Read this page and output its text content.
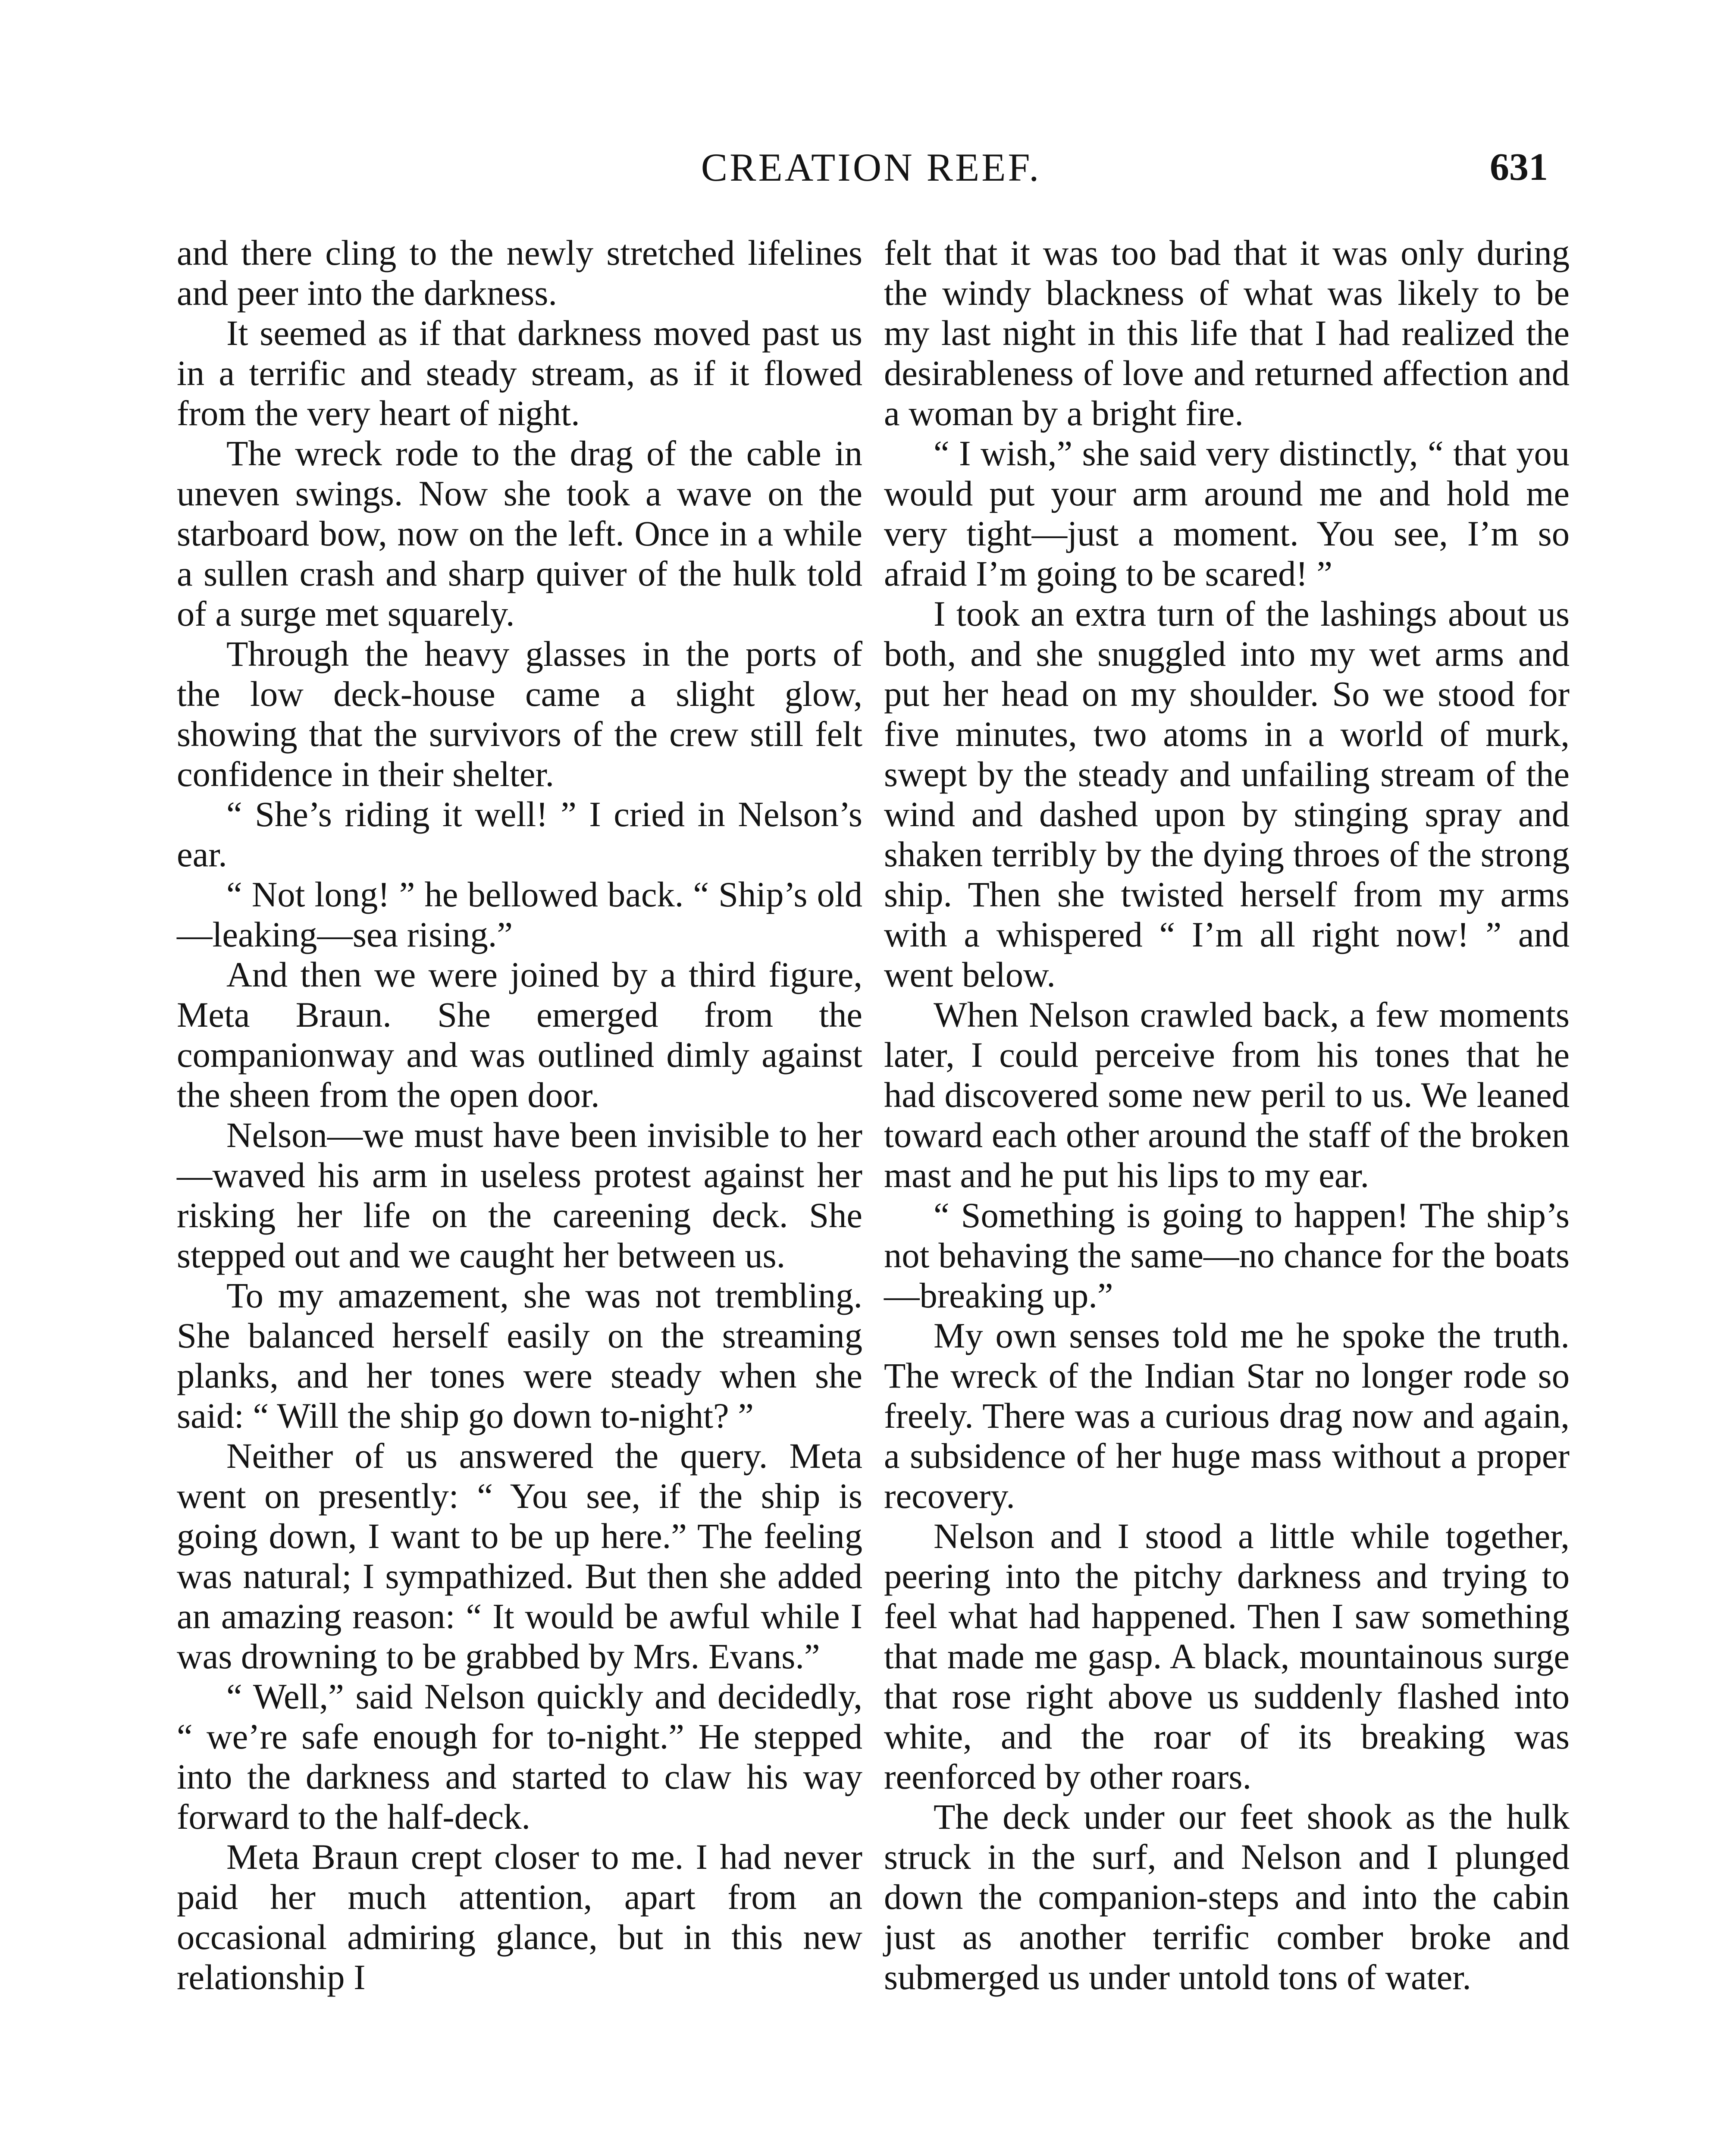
CREATION REEF.	631

and there cling to the newly stretched lifelines and peer into the darkness.

It seemed as if that darkness moved past us in a terrific and steady stream, as if it flowed from the very heart of night.

The wreck rode to the drag of the cable in uneven swings. Now she took a wave on the starboard bow, now on the left. Once in a while a sullen crash and sharp quiver of the hulk told of a surge met squarely.

Through the heavy glasses in the ports of the low deck-house came a slight glow, showing that the survivors of the crew still felt confidence in their shelter.

“ She’s riding it well! ” I cried in Nelson’s ear.

“ Not long! ” he bellowed back. “ Ship’s old—leaking—sea rising.”

And then we were joined by a third figure, Meta Braun. She emerged from the companionway and was outlined dimly against the sheen from the open door.

Nelson—we must have been invisible to her—waved his arm in useless protest against her risking her life on the careening deck. She stepped out and we caught her between us.

To my amazement, she was not trembling. She balanced herself easily on the streaming planks, and her tones were steady when she said: “ Will the ship go down to-night? ”

Neither of us answered the query. Meta went on presently: “ You see, if the ship is going down, I want to be up here.” The feeling was natural; I sympathized. But then she added an amazing reason: “ It would be awful while I was drowning to be grabbed by Mrs. Evans.”

“ Well,” said Nelson quickly and decidedly, “ we’re safe enough for to-night.” He stepped into the darkness and started to claw his way forward to the half-deck.

Meta Braun crept closer to me. I had never paid her much attention, apart from an occasional admiring glance, but in this new relationship I

felt that it was too bad that it was only during the windy blackness of what was likely to be my last night in this life that I had realized the desirableness of love and returned affection and a woman by a bright fire.

“ I wish,” she said very distinctly, “ that you would put your arm around me and hold me very tight—just a moment. You see, I’m so afraid I’m going to be scared! ”

I took an extra turn of the lashings about us both, and she snuggled into my wet arms and put her head on my shoulder. So we stood for five minutes, two atoms in a world of murk, swept by the steady and unfailing stream of the wind and dashed upon by stinging spray and shaken terribly by the dying throes of the strong ship. Then she twisted herself from my arms with a whispered “ I’m all right now! ” and went below.

When Nelson crawled back, a few moments later, I could perceive from his tones that he had discovered some new peril to us. We leaned toward each other around the staff of the broken mast and he put his lips to my ear.

“ Something is going to happen! The ship’s not behaving the same—no chance for the boats—breaking up.”

My own senses told me he spoke the truth. The wreck of the Indian Star no longer rode so freely. There was a curious drag now and again, a subsidence of her huge mass without a proper recovery.

Nelson and I stood a little while together, peering into the pitchy darkness and trying to feel what had happened. Then I saw something that made me gasp. A black, mountainous surge that rose right above us suddenly flashed into white, and the roar of its breaking was reenforced by other roars.

The deck under our feet shook as the hulk struck in the surf, and Nelson and I plunged down the companion-steps and into the cabin just as another terrific comber broke and submerged us under untold tons of water.
